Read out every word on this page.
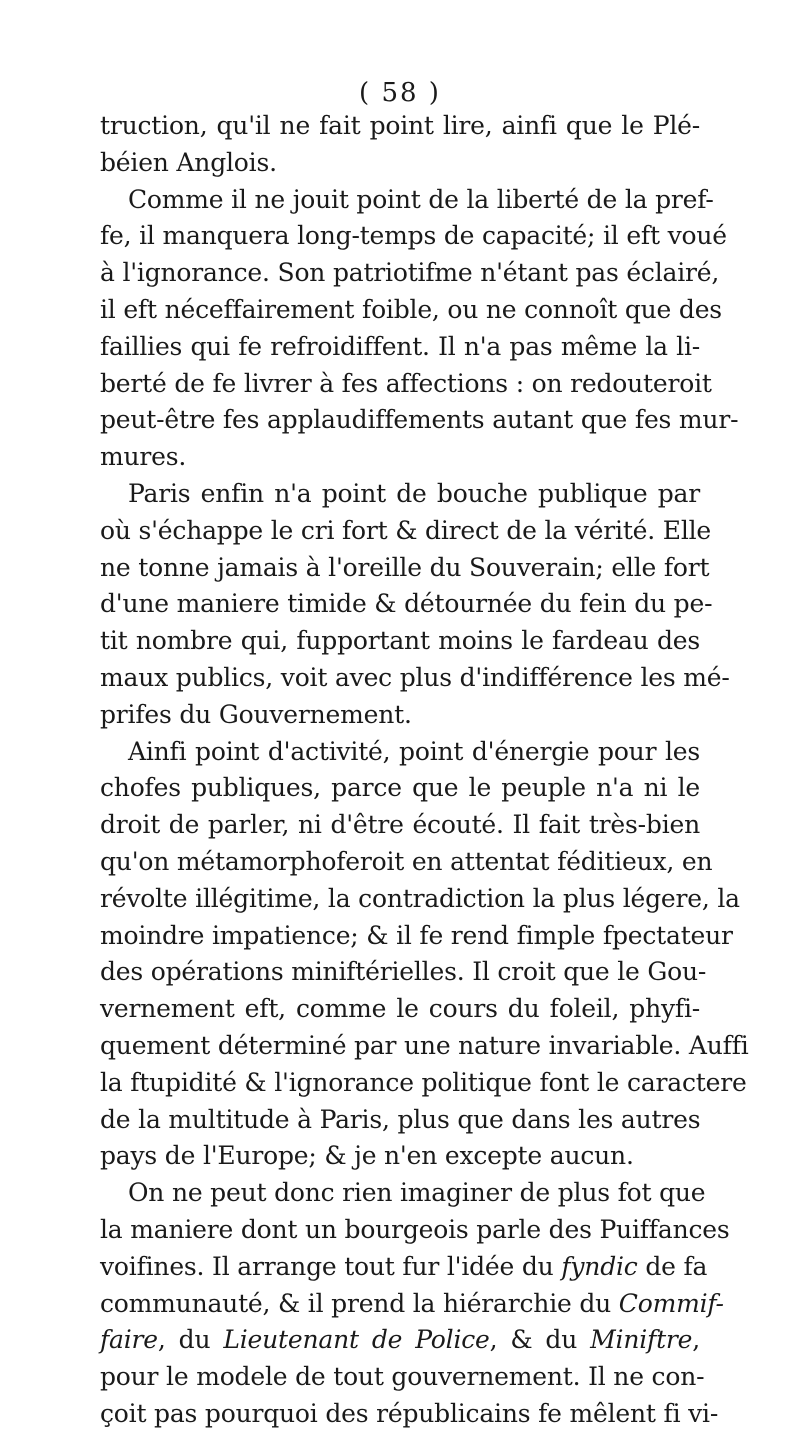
( 58 )
truction, qu'il ne fait point lire, ainfi que le Plé-
béien Anglois.
Comme il ne jouit point de la liberté de la pref-
fe, il manquera long-temps de capacité; il eft voué
à l'ignorance. Son patriotifme n'étant pas éclairé,
il eft néceffairement foible, ou ne connoît que des
faillies qui fe refroidiffent. Il n'a pas même la li-
berté de fe livrer à fes affections : on redouteroit
peut-être fes applaudiffements autant que fes mur-
mures.
Paris enfin n'a point de bouche publique par
où s'échappe le cri fort & direct de la vérité. Elle
ne tonne jamais à l'oreille du Souverain; elle fort
d'une maniere timide & détournée du fein du pe-
tit nombre qui, fupportant moins le fardeau des
maux publics, voit avec plus d'indifférence les mé-
prifes du Gouvernement.
Ainfi point d'activité, point d'énergie pour les
chofes publiques, parce que le peuple n'a ni le
droit de parler, ni d'être écouté. Il fait très-bien
qu'on métamorphoferoit en attentat féditieux, en
révolte illégitime, la contradiction la plus légere, la
moindre impatience; & il fe rend fimple fpectateur
des opérations miniftérielles. Il croit que le Gou-
vernement eft, comme le cours du foleil, phyfi-
quement déterminé par une nature invariable. Auffi
la ftupidité & l'ignorance politique font le caractere
de la multitude à Paris, plus que dans les autres
pays de l'Europe; & je n'en excepte aucun.
On ne peut donc rien imaginer de plus fot que
la maniere dont un bourgeois parle des Puiffances
voifines. Il arrange tout fur l'idée du fyndic de fa
communauté, & il prend la hiérarchie du Commif-
faire, du Lieutenant de Police, & du Miniftre,
pour le modele de tout gouvernement. Il ne con-
çoit pas pourquoi des républicains fe mêlent fi vi-
